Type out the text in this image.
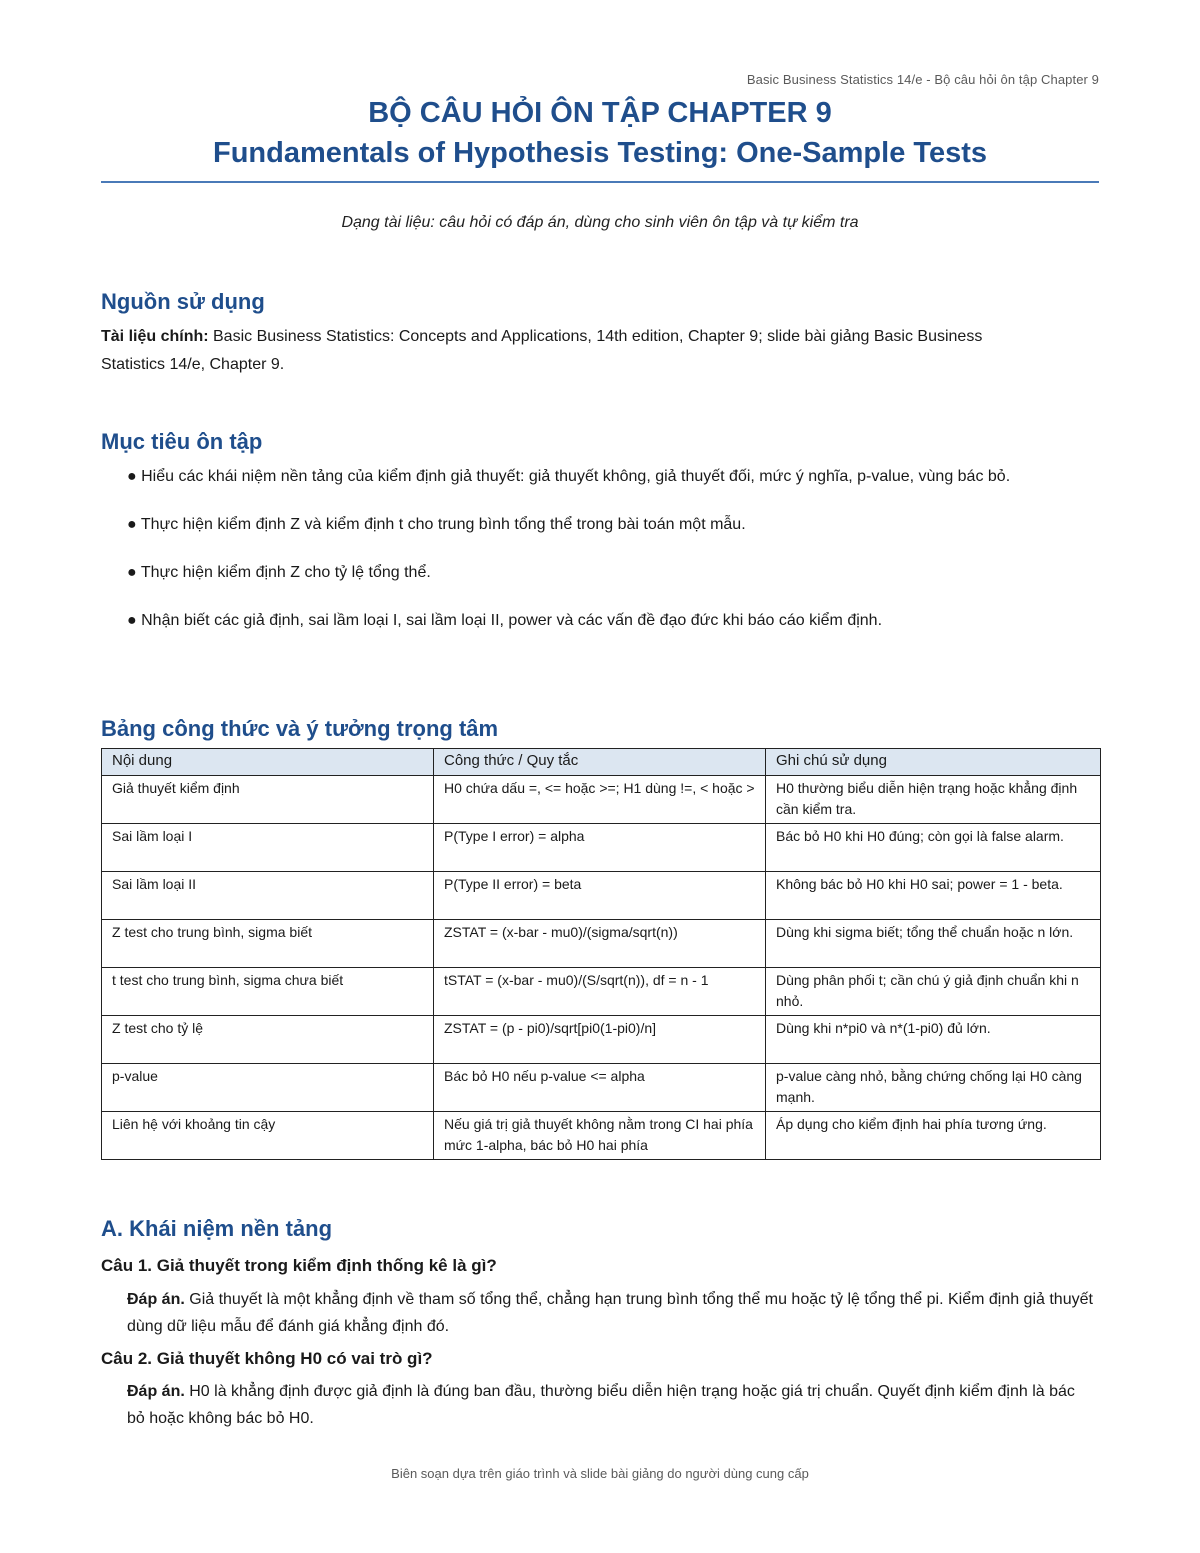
Basic Business Statistics 14/e - Bộ câu hỏi ôn tập Chapter 9
BỘ CÂU HỎI ÔN TẬP CHAPTER 9
Fundamentals of Hypothesis Testing: One-Sample Tests
Dạng tài liệu: câu hỏi có đáp án, dùng cho sinh viên ôn tập và tự kiểm tra
Nguồn sử dụng
Tài liệu chính: Basic Business Statistics: Concepts and Applications, 14th edition, Chapter 9; slide bài giảng Basic Business Statistics 14/e, Chapter 9.
Mục tiêu ôn tập
● Hiểu các khái niệm nền tảng của kiểm định giả thuyết: giả thuyết không, giả thuyết đối, mức ý nghĩa, p-value, vùng bác bỏ.
● Thực hiện kiểm định Z và kiểm định t cho trung bình tổng thể trong bài toán một mẫu.
● Thực hiện kiểm định Z cho tỷ lệ tổng thể.
● Nhận biết các giả định, sai lầm loại I, sai lầm loại II, power và các vấn đề đạo đức khi báo cáo kiểm định.
Bảng công thức và ý tưởng trọng tâm
Nội dung	Công thức / Quy tắc	Ghi chú sử dụng
Giả thuyết kiểm định	H0 chứa dấu =, <= hoặc >=; H1 dùng !=, < hoặc >	H0 thường biểu diễn hiện trạng hoặc khẳng định cần kiểm tra.
Sai lầm loại I	P(Type I error) = alpha	Bác bỏ H0 khi H0 đúng; còn gọi là false alarm.
Sai lầm loại II	P(Type II error) = beta	Không bác bỏ H0 khi H0 sai; power = 1 - beta.
Z test cho trung bình, sigma biết	ZSTAT = (x-bar - mu0)/(sigma/sqrt(n))	Dùng khi sigma biết; tổng thể chuẩn hoặc n lớn.
t test cho trung bình, sigma chưa biết	tSTAT = (x-bar - mu0)/(S/sqrt(n)), df = n - 1	Dùng phân phối t; cần chú ý giả định chuẩn khi n nhỏ.
Z test cho tỷ lệ	ZSTAT = (p - pi0)/sqrt[pi0(1-pi0)/n]	Dùng khi n*pi0 và n*(1-pi0) đủ lớn.
p-value	Bác bỏ H0 nếu p-value <= alpha	p-value càng nhỏ, bằng chứng chống lại H0 càng mạnh.
Liên hệ với khoảng tin cậy	Nếu giá trị giả thuyết không nằm trong CI hai phía mức 1-alpha, bác bỏ H0 hai phía	Áp dụng cho kiểm định hai phía tương ứng.
A. Khái niệm nền tảng
Câu 1. Giả thuyết trong kiểm định thống kê là gì?
Đáp án. Giả thuyết là một khẳng định về tham số tổng thể, chẳng hạn trung bình tổng thể mu hoặc tỷ lệ tổng thể pi. Kiểm định giả thuyết dùng dữ liệu mẫu để đánh giá khẳng định đó.
Câu 2. Giả thuyết không H0 có vai trò gì?
Đáp án. H0 là khẳng định được giả định là đúng ban đầu, thường biểu diễn hiện trạng hoặc giá trị chuẩn. Quyết định kiểm định là bác bỏ hoặc không bác bỏ H0.
Biên soạn dựa trên giáo trình và slide bài giảng do người dùng cung cấp
